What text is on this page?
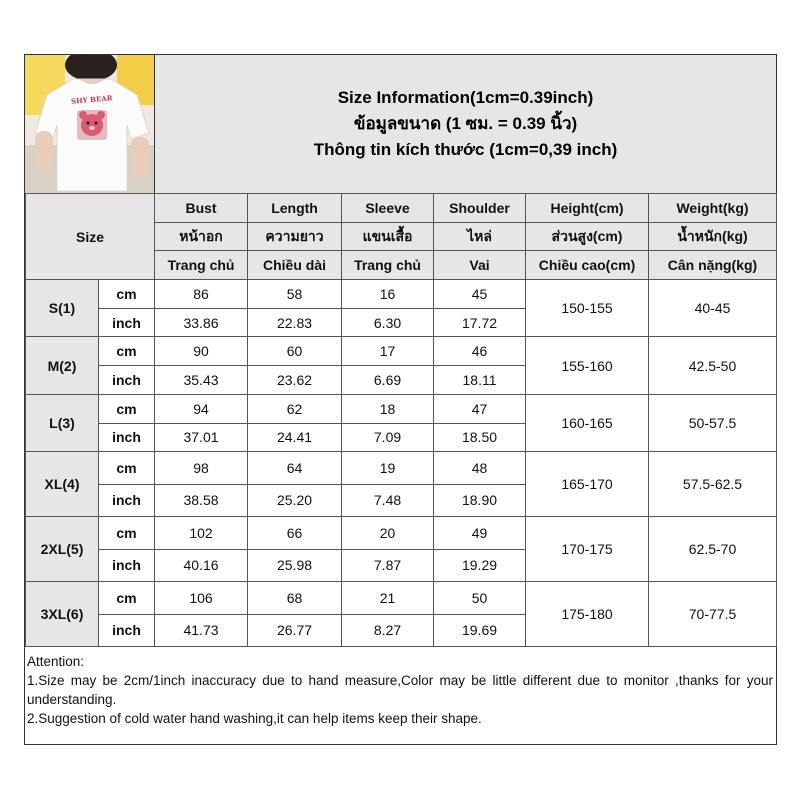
SHY BEAR	Size Information(1cm=0.39inch)
ข้อมูลขนาด (1 ซม. = 0.39 นิ้ว)
Thông tin kích thước (1cm=0,39 inch)
Size		Bust	Length	Sleeve	Shoulder	Height(cm)	Weight(kg)
		หน้าอก	ความยาว	แขนเสื้อ	ไหล่	ส่วนสูง(cm)	น้ำหนัก(kg)
		Trang chủ	Chiều dài	Trang chủ	Vai	Chiều cao(cm)	Cân nặng(kg)
S(1)	cm	86	58	16	45	150-155	40-45
	inch	33.86	22.83	6.30	17.72		
M(2)	cm	90	60	17	46	155-160	42.5-50
	inch	35.43	23.62	6.69	18.11		
L(3)	cm	94	62	18	47	160-165	50-57.5
	inch	37.01	24.41	7.09	18.50		
XL(4)	cm	98	64	19	48	165-170	57.5-62.5
	inch	38.58	25.20	7.48	18.90		
2XL(5)	cm	102	66	20	49	170-175	62.5-70
	inch	40.16	25.98	7.87	19.29		
3XL(6)	cm	106	68	21	50	175-180	70-77.5
	inch	41.73	26.77	8.27	19.69		
Attention:
1.Size may be 2cm/1inch inaccuracy due to hand measure,Color may be little different due to monitor ,thanks for your understanding.
2.Suggestion of cold water hand washing,it can help items keep their shape.
